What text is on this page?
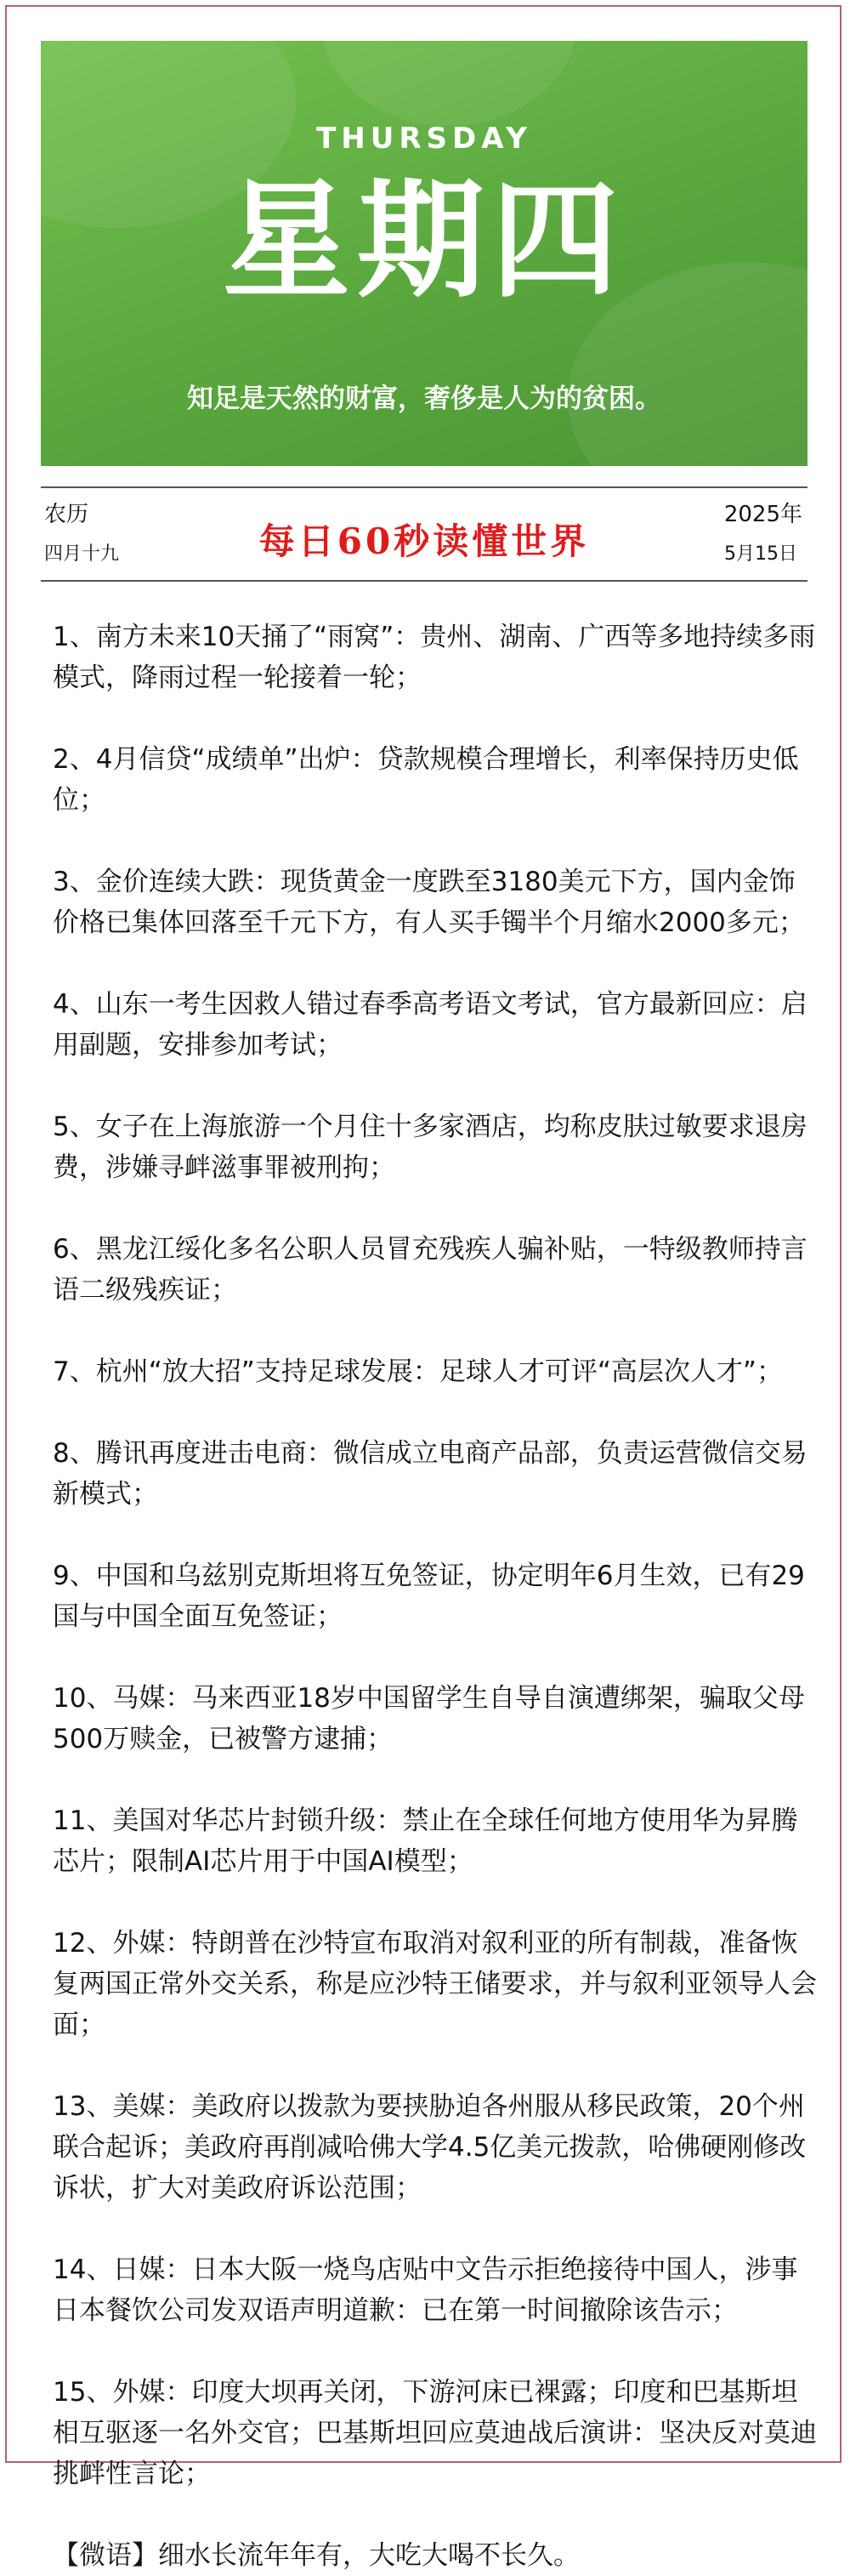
THURSDAY
星期四
知足是天然的财富，奢侈是人为的贫困。
农历
四月十九	每日60秒读懂世界
2025年
5月15日
1、南方未来10天捅了“雨窝”：贵州、湖南、广西等多地持续多雨模式，降雨过程一轮接着一轮；
2、4月信贷“成绩单”出炉：贷款规模合理增长，利率保持历史低位；
3、金价连续大跌：现货黄金一度跌至3180美元下方，国内金饰价格已集体回落至千元下方，有人买手镯半个月缩水2000多元；
4、山东一考生因救人错过春季高考语文考试，官方最新回应：启用副题，安排参加考试；
5、女子在上海旅游一个月住十多家酒店，均称皮肤过敏要求退房费，涉嫌寻衅滋事罪被刑拘；
6、黑龙江绥化多名公职人员冒充残疾人骗补贴，一特级教师持言语二级残疾证；
7、杭州“放大招”支持足球发展：足球人才可评“高层次人才”；
8、腾讯再度进击电商：微信成立电商产品部，负责运营微信交易新模式；
9、中国和乌兹别克斯坦将互免签证，协定明年6月生效，已有29国与中国全面互免签证；
10、马媒：马来西亚18岁中国留学生自导自演遭绑架，骗取父母500万赎金，已被警方逮捕；
11、美国对华芯片封锁升级：禁止在全球任何地方使用华为昇腾芯片；限制AI芯片用于中国AI模型；
12、外媒：特朗普在沙特宣布取消对叙利亚的所有制裁，准备恢复两国正常外交关系，称是应沙特王储要求，并与叙利亚领导人会面；
13、美媒：美政府以拨款为要挟胁迫各州服从移民政策，20个州联合起诉；美政府再削减哈佛大学4.5亿美元拨款，哈佛硬刚修改诉状，扩大对美政府诉讼范围；
14、日媒：日本大阪一烧鸟店贴中文告示拒绝接待中国人，涉事日本餐饮公司发双语声明道歉：已在第一时间撤除该告示；
15、外媒：印度大坝再关闭，下游河床已裸露；印度和巴基斯坦相互驱逐一名外交官；巴基斯坦回应莫迪战后演讲：坚决反对莫迪挑衅性言论；
【微语】细水长流年年有，大吃大喝不长久。
